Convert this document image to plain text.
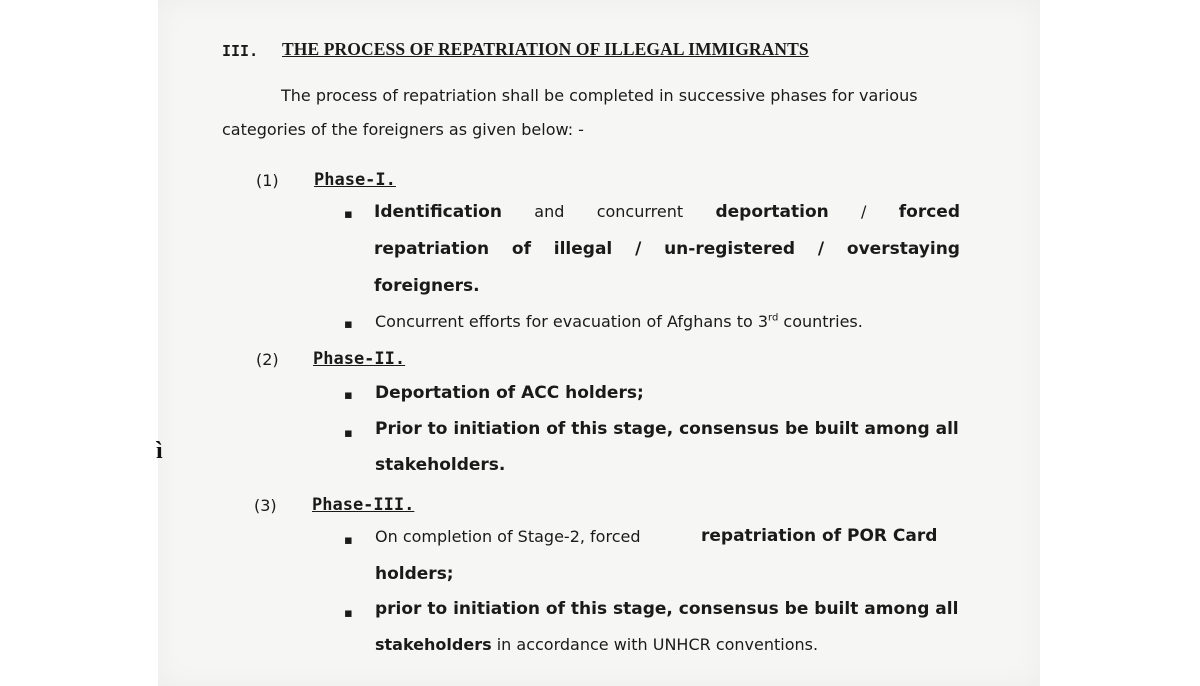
III. THE PROCESS OF REPATRIATION OF ILLEGAL IMMIGRANTS
The process of repatriation shall be completed in successive phases for various
categories of the foreigners as given below: -
(1) Phase-I.
▪ Identification and concurrent deportation / forced
repatriation of illegal / un-registered / overstaying
foreigners.
▪ Concurrent efforts for evacuation of Afghans to 3rd countries.
(2) Phase-II.
▪ Deportation of ACC holders;
▪ Prior to initiation of this stage, consensus be built among all
stakeholders.
ì
(3) Phase-III.
▪ On completion of Stage-2, forced	repatriation of POR Card
holders;
▪ prior to initiation of this stage, consensus be built among all
stakeholders in accordance with UNHCR conventions.
